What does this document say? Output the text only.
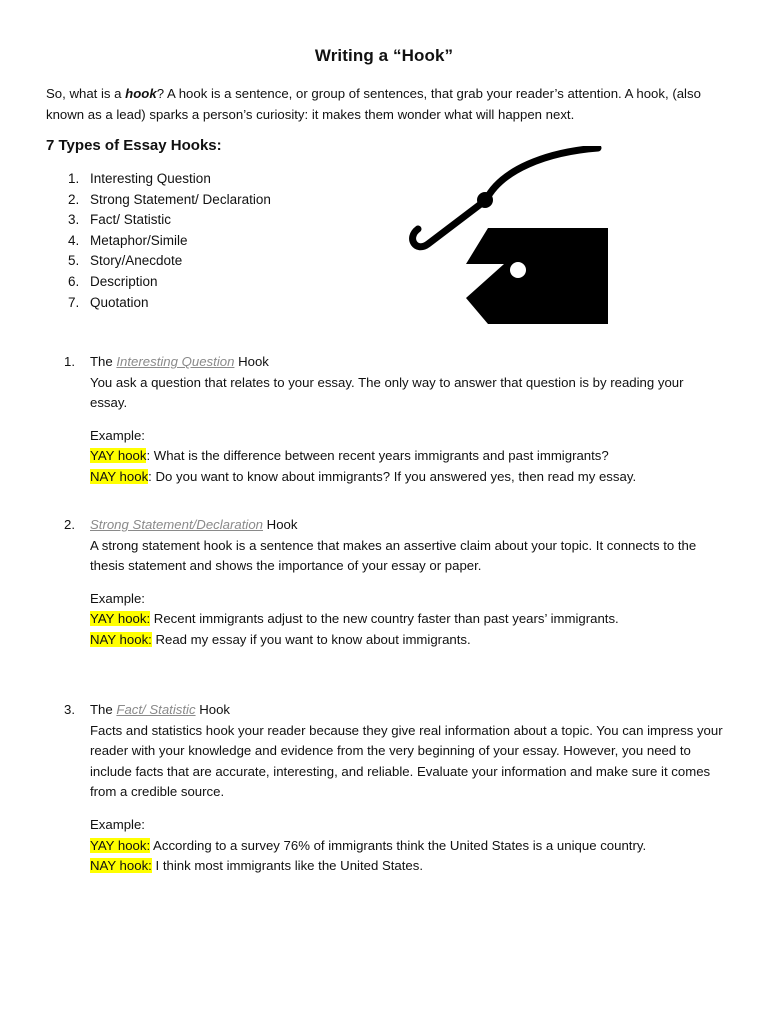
Writing a “Hook”
So, what is a hook? A hook is a sentence, or group of sentences, that grab your reader’s attention. A hook, (also known as a lead) sparks a person’s curiosity: it makes them wonder what will happen next.
7 Types of Essay Hooks:
1. Interesting Question
2. Strong Statement/ Declaration
3. Fact/ Statistic
4. Metaphor/Simile
5. Story/Anecdote
6. Description
7. Quotation
1.	The Interesting Question Hook
You ask a question that relates to your essay. The only way to answer that question is by reading your essay.
Example:
YAY hook: What is the difference between recent years immigrants and past immigrants?
NAY hook: Do you want to know about immigrants? If you answered yes, then read my essay.
2.	Strong Statement/Declaration Hook
A strong statement hook is a sentence that makes an assertive claim about your topic. It connects to the thesis statement and shows the importance of your essay or paper.
Example:
YAY hook: Recent immigrants adjust to the new country faster than past years’ immigrants.
NAY hook: Read my essay if you want to know about immigrants.
3.	The Fact/ Statistic Hook
Facts and statistics hook your reader because they give real information about a topic. You can impress your reader with your knowledge and evidence from the very beginning of your essay. However, you need to include facts that are accurate, interesting, and reliable. Evaluate your information and make sure it comes from a credible source.
Example:
YAY hook: According to a survey 76% of immigrants think the United States is a unique country.
NAY hook: I think most immigrants like the United States.
